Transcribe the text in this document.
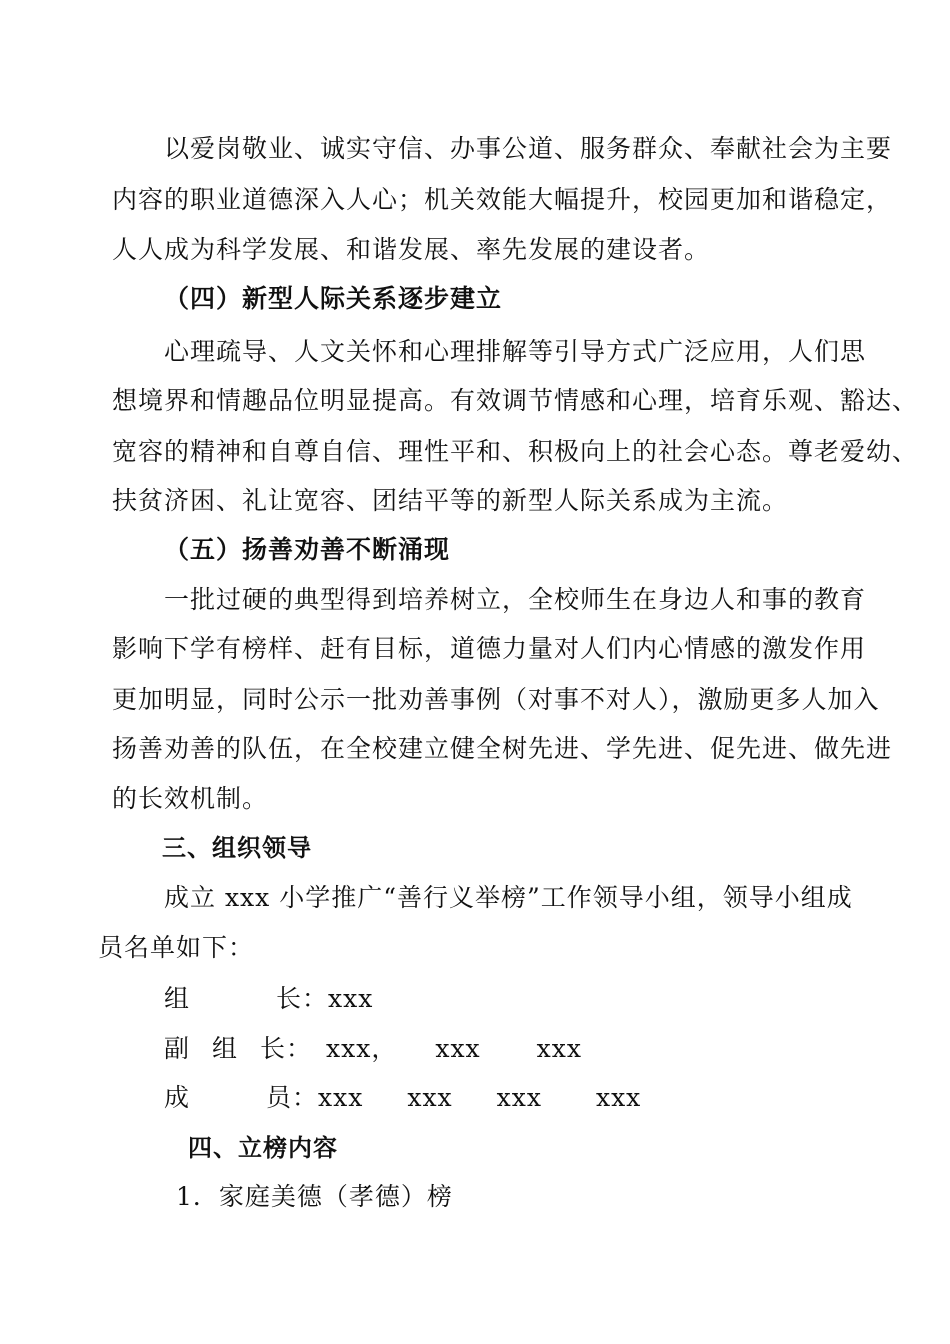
以爱岗敬业、诚实守信、办事公道、服务群众、奉献社会为主要
内容的职业道德深入人心；机关效能大幅提升，校园更加和谐稳定，
人人成为科学发展、和谐发展、率先发展的建设者。
（四）新型人际关系逐步建立
心理疏导、人文关怀和心理排解等引导方式广泛应用，人们思
想境界和情趣品位明显提高。有效调节情感和心理，培育乐观、豁达、
宽容的精神和自尊自信、理性平和、积极向上的社会心态。尊老爱幼、
扶贫济困、礼让宽容、团结平等的新型人际关系成为主流。
（五）扬善劝善不断涌现
一批过硬的典型得到培养树立，全校师生在身边人和事的教育
影响下学有榜样、赶有目标，道德力量对人们内心情感的激发作用
更加明显，同时公示一批劝善事例（对事不对人），激励更多人加入
扬善劝善的队伍，在全校建立健全树先进、学先进、促先进、做先进
的长效机制。
三、组织领导
成立 xxx 小学推广“善行义举榜”工作领导小组，领导小组成
员名单如下：
组	长：xxx
副 组 长： xxx， xxx xxx
成	员：xxx xxx xxx xxx
四、立榜内容
1．家庭美德（孝德）榜
